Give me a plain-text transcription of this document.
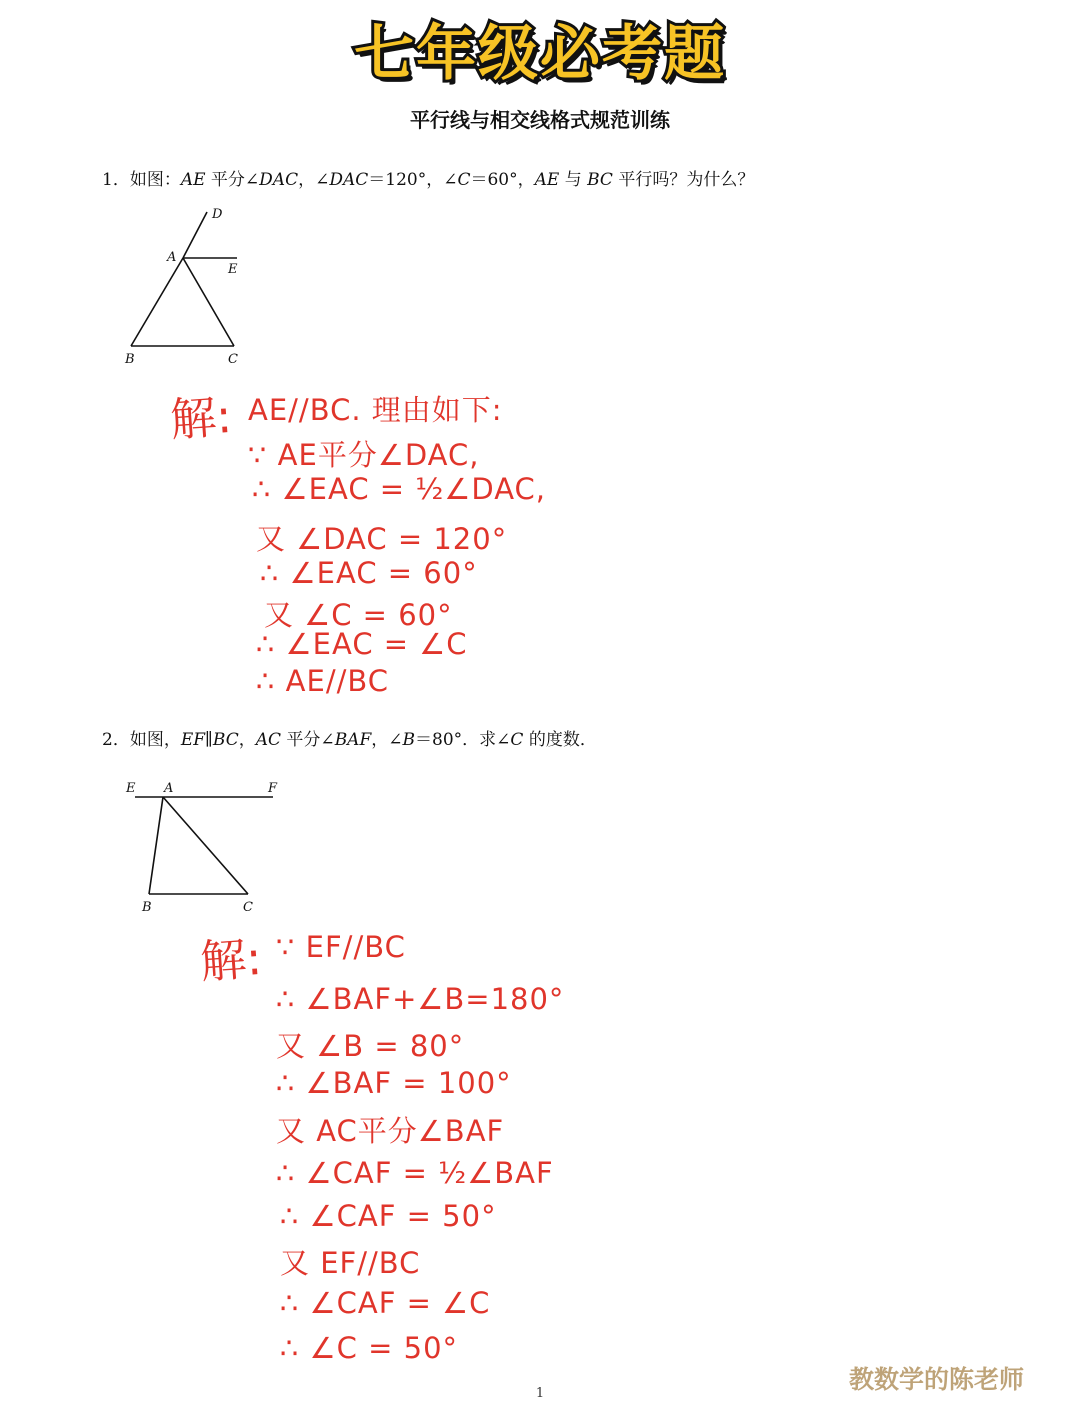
七年级必考题
平行线与相交线格式规范训练
1．如图：AE 平分∠DAC，∠DAC＝120°，∠C＝60°，AE 与 BC 平行吗？为什么？
D
A
E
B	C
解: AE//BC. 理由如下:
∵ AE平分∠DAC,
∴ ∠EAC = ½∠DAC,
又 ∠DAC = 120°
∴ ∠EAC = 60°
又 ∠C = 60°
∴ ∠EAC = ∠C
∴ AE//BC
2．如图，EF∥BC，AC 平分∠BAF，∠B＝80°．求∠C 的度数．
E A	F
B	C
解: ∵ EF//BC
∴ ∠BAF+∠B=180°
又 ∠B = 80°
∴ ∠BAF = 100°
又 AC平分∠BAF
∴ ∠CAF = ½∠BAF
∴ ∠CAF = 50°
又 EF//BC
∴ ∠CAF = ∠C
∴ ∠C = 50°
教数学的陈老师
1
